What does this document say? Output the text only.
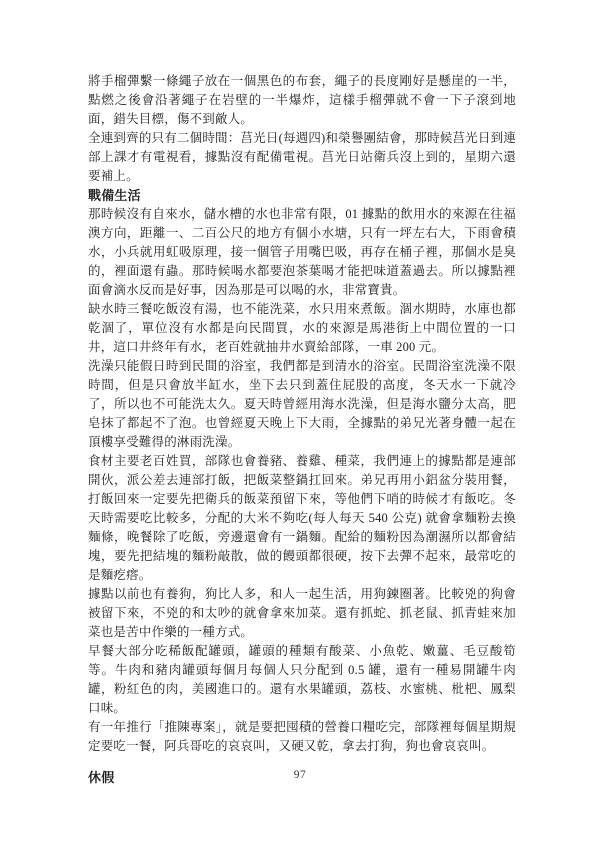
將手榴彈繫一條繩子放在一個黑色的布套，繩子的長度剛好是懸崖的一半，點燃之後會沿著繩子在岩壁的一半爆炸，這樣手榴彈就不會一下子滾到地面，錯失目標，傷不到敵人。

全連到齊的只有二個時間：莒光日(每週四)和榮譽團結會，那時候莒光日到連部上課才有電視看，據點沒有配備電視。莒光日站衛兵沒上到的，星期六還要補上。

戰備生活

那時候沒有自來水，儲水槽的水也非常有限，01 據點的飲用水的來源在往福澳方向，距離一、二百公尺的地方有個小水塘，只有一坪左右大，下雨會積水，小兵就用虹吸原理，接一個管子用嘴巴吸，再存在桶子裡，那個水是臭的，裡面還有蟲。那時候喝水都要泡茶葉喝才能把味道蓋過去。所以據點裡面會滴水反而是好事，因為那是可以喝的水，非常寶貴。

缺水時三餐吃飯沒有湯，也不能洗菜，水只用來煮飯。涸水期時，水庫也都乾涸了，單位沒有水都是向民間買，水的來源是馬港街上中間位置的一口井，這口井終年有水，老百姓就抽井水賣給部隊，一車 200 元。

洗澡只能假日時到民間的浴室，我們都是到清水的浴室。民間浴室洗澡不限時間，但是只會放半缸水，坐下去只到蓋住屁股的高度，冬天水一下就冷了，所以也不可能洗太久。夏天時曾經用海水洗澡，但是海水鹽分太高，肥皂抹了都起不了泡。也曾經夏天晚上下大雨，全據點的弟兄光著身體一起在頂樓享受難得的淋雨洗澡。

食材主要老百姓買，部隊也會養豬、養雞、種菜，我們連上的據點都是連部開伙，派公差去連部打飯，把飯菜整鍋扛回來。弟兄再用小鋁盆分裝用餐，打飯回來一定要先把衛兵的飯菜預留下來，等他們下哨的時候才有飯吃。冬天時需要吃比較多，分配的大米不夠吃(每人每天 540 公克) 就會拿麵粉去換麵條，晚餐除了吃飯，旁邊還會有一鍋麵。配給的麵粉因為潮濕所以都會結塊，要先把結塊的麵粉敲散，做的饅頭都很硬，按下去彈不起來，最常吃的是麵疙瘩。

據點以前也有養狗，狗比人多，和人一起生活，用狗鍊圈著。比較兇的狗會被留下來，不兇的和太吵的就會拿來加菜。還有抓蛇、抓老鼠、抓青蛙來加菜也是苦中作樂的一種方式。

早餐大部分吃稀飯配罐頭，罐頭的種類有酸菜、小魚乾、嫩薑、毛豆酸筍等。牛肉和豬肉罐頭每個月每個人只分配到 0.5 罐，還有一種易開罐牛肉罐，粉紅色的肉，美國進口的。還有水果罐頭，荔枝、水蜜桃、枇杷、鳳梨口味。

有一年推行「推陳專案」，就是要把囤積的營養口糧吃完，部隊裡每個星期規定要吃一餐，阿兵哥吃的哀哀叫，又硬又乾，拿去打狗，狗也會哀哀叫。

休假	97
